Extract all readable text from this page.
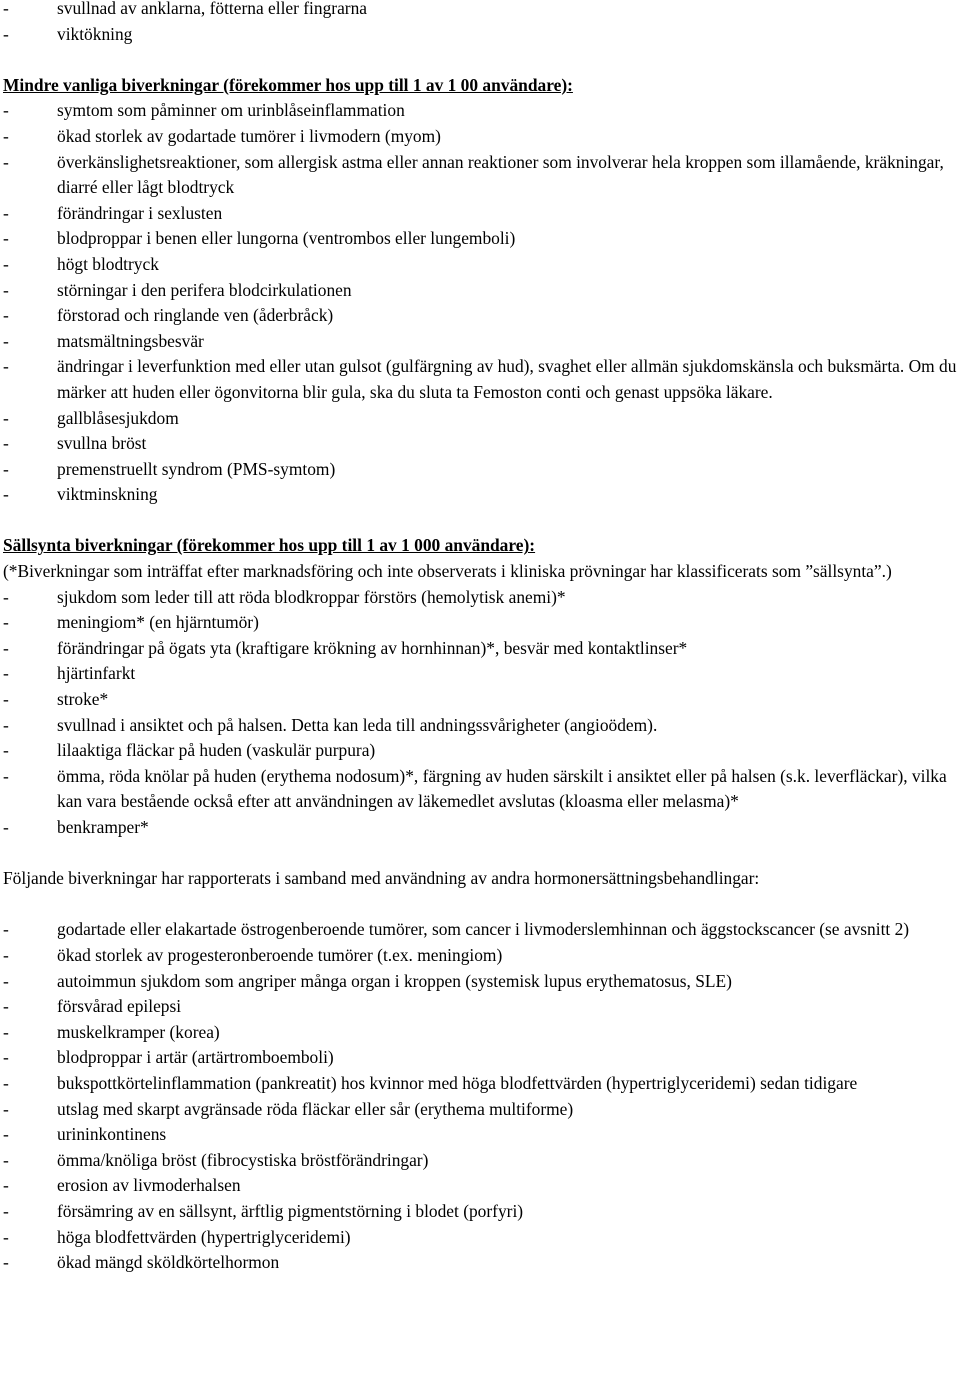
-	svullnad av anklarna, fötterna eller fingrarna
-	viktökning
Mindre vanliga biverkningar (förekommer hos upp till 1 av 1 00 användare):
-	symtom som påminner om urinblåseinflammation
-	ökad storlek av godartade tumörer i livmodern (myom)
-	överkänslighetsreaktioner, som allergisk astma eller annan reaktioner som involverar hela kroppen som illamående, kräkningar, diarré eller lågt blodtryck
-	förändringar i sexlusten
-	blodproppar i benen eller lungorna (ventrombos eller lungemboli)
-	högt blodtryck
-	störningar i den perifera blodcirkulationen
-	förstorad och ringlande ven (åderbråck)
-	matsmältningsbesvär
-	ändringar i leverfunktion med eller utan gulsot (gulfärgning av hud), svaghet eller allmän sjukdomskänsla och buksmärta. Om du märker att huden eller ögonvitorna blir gula, ska du sluta ta Femoston conti och genast uppsöka läkare.
-	gallblåsesjukdom
-	svullna bröst
-	premenstruellt syndrom (PMS-symtom)
-	viktminskning
Sällsynta biverkningar (förekommer hos upp till 1 av 1 000 användare):
(*Biverkningar som inträffat efter marknadsföring och inte observerats i kliniska prövningar har klassificerats som ”sällsynta”.)
-	sjukdom som leder till att röda blodkroppar förstörs (hemolytisk anemi)*
-	meningiom* (en hjärntumör)
-	förändringar på ögats yta (kraftigare krökning av hornhinnan)*, besvär med kontaktlinser*
-	hjärtinfarkt
-	stroke*
-	svullnad i ansiktet och på halsen. Detta kan leda till andningssvårigheter (angioödem).
-	lilaaktiga fläckar på huden (vaskulär purpura)
-	ömma, röda knölar på huden (erythema nodosum)*, färgning av huden särskilt i ansiktet eller på halsen (s.k. leverfläckar), vilka kan vara bestående också efter att användningen av läkemedlet avslutas (kloasma eller melasma)*
-	benkramper*
Följande biverkningar har rapporterats i samband med användning av andra hormonersättningsbehandlingar:
-	godartade eller elakartade östrogenberoende tumörer, som cancer i livmoderslemhinnan och äggstockscancer (se avsnitt 2)
-	ökad storlek av progesteronberoende tumörer (t.ex. meningiom)
-	autoimmun sjukdom som angriper många organ i kroppen (systemisk lupus erythematosus, SLE)
-	försvårad epilepsi
-	muskelkramper (korea)
-	blodproppar i artär (artärtromboemboli)
-	bukspottkörtelinflammation (pankreatit) hos kvinnor med höga blodfettvärden (hypertriglyceridemi) sedan tidigare
-	utslag med skarpt avgränsade röda fläckar eller sår (erythema multiforme)
-	urininkontinens
-	ömma/knöliga bröst (fibrocystiska bröstförändringar)
-	erosion av livmoderhalsen
-	försämring av en sällsynt, ärftlig pigmentstörning i blodet (porfyri)
-	höga blodfettvärden (hypertriglyceridemi)
-	ökad mängd sköldkörtelhormon
